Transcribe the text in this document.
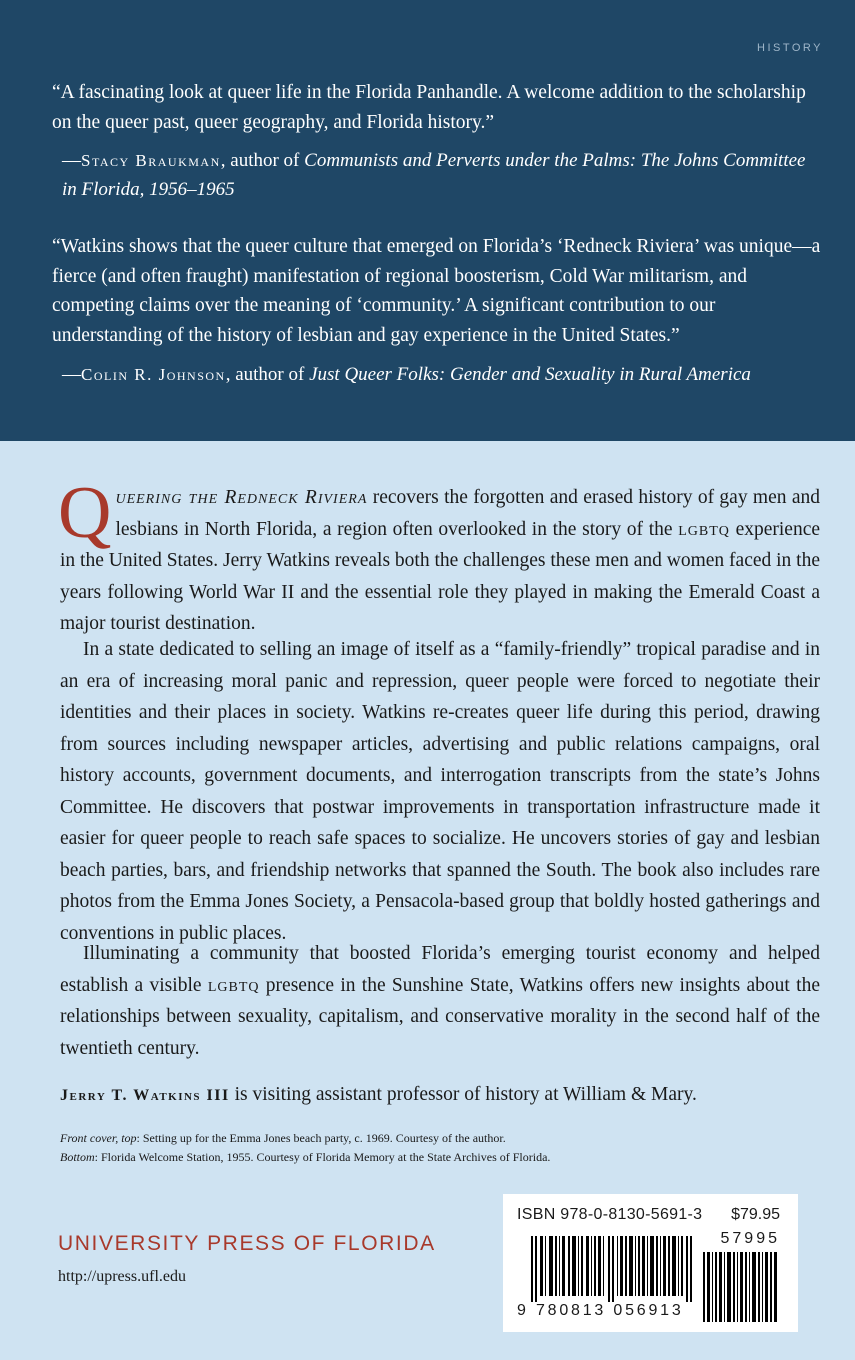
HISTORY
“A fascinating look at queer life in the Florida Panhandle. A welcome addition to the scholarship on the queer past, queer geography, and Florida history.”
—Stacy Braukman, author of Communists and Perverts under the Palms: The Johns Committee in Florida, 1956–1965
“Watkins shows that the queer culture that emerged on Florida’s ‘Redneck Riviera’ was unique—a fierce (and often fraught) manifestation of regional boosterism, Cold War militarism, and competing claims over the meaning of ‘community.’ A significant contribution to our understanding of the history of lesbian and gay experience in the United States.”
—Colin R. Johnson, author of Just Queer Folks: Gender and Sexuality in Rural America
Queering the Redneck Riviera recovers the forgotten and erased history of gay men and lesbians in North Florida, a region often overlooked in the story of the lgbtq experience in the United States. Jerry Watkins reveals both the challenges these men and women faced in the years following World War II and the essential role they played in making the Emerald Coast a major tourist destination.
In a state dedicated to selling an image of itself as a “family-friendly” tropical paradise and in an era of increasing moral panic and repression, queer people were forced to negotiate their identities and their places in society. Watkins re-creates queer life during this period, drawing from sources including newspaper articles, advertising and public relations campaigns, oral history accounts, government documents, and interrogation transcripts from the state’s Johns Committee. He discovers that postwar improvements in transportation infrastructure made it easier for queer people to reach safe spaces to socialize. He uncovers stories of gay and lesbian beach parties, bars, and friendship networks that spanned the South. The book also includes rare photos from the Emma Jones Society, a Pensacola-based group that boldly hosted gatherings and conventions in public places.
Illuminating a community that boosted Florida’s emerging tourist economy and helped establish a visible lgbtq presence in the Sunshine State, Watkins offers new insights about the relationships between sexuality, capitalism, and conservative morality in the second half of the twentieth century.
Jerry T. Watkins III is visiting assistant professor of history at William & Mary.
Front cover, top: Setting up for the Emma Jones beach party, c. 1969. Courtesy of the author.
Bottom: Florida Welcome Station, 1955. Courtesy of Florida Memory at the State Archives of Florida.
UNIVERSITY PRESS OF FLORIDA
http://upress.ufl.edu
ISBN 978-0-8130-5691-3 $79.95
57995
9 780813 056913
